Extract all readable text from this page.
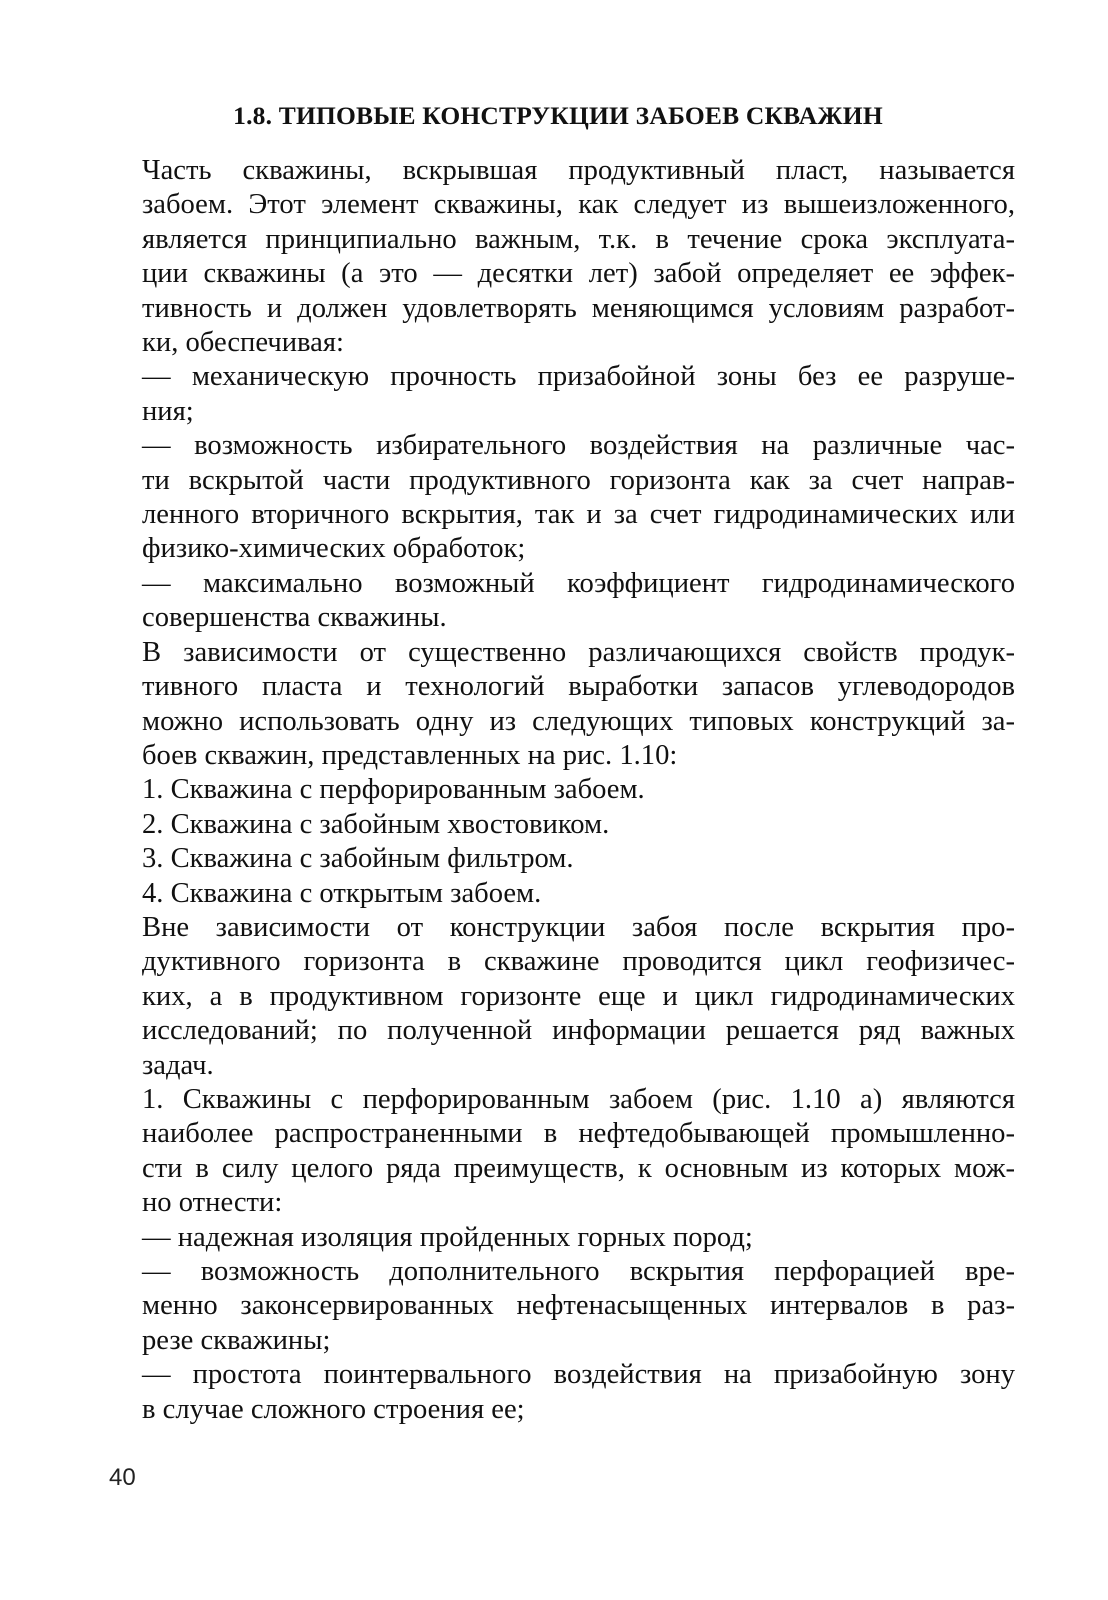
1.8. ТИПОВЫЕ КОНСТРУКЦИИ ЗАБОЕВ СКВАЖИН

Часть скважины, вскрывшая продуктивный пласт, называется
забоем. Этот элемент скважины, как следует из вышеизложенного,
является принципиально важным, т.к. в течение срока эксплуата-
ции скважины (а это — десятки лет) забой определяет ее эффек-
тивность и должен удовлетворять меняющимся условиям разработ-
ки, обеспечивая:

— механическую прочность призабойной зоны без ее разруше-
ния;

— возможность избирательного воздействия на различные час-
ти вскрытой части продуктивного горизонта как за счет направ-
ленного вторичного вскрытия, так и за счет гидродинамических или
физико-химических обработок;

— максимально возможный коэффициент гидродинамического
совершенства скважины.

В зависимости от существенно различающихся свойств продук-
тивного пласта и технологий выработки запасов углеводородов
можно использовать одну из следующих типовых конструкций за-
боев скважин, представленных на рис. 1.10:

1. Скважина с перфорированным забоем.

2. Скважина с забойным хвостовиком.

3. Скважина с забойным фильтром.

4. Скважина с открытым забоем.

Вне зависимости от конструкции забоя после вскрытия про-
дуктивного горизонта в скважине проводится цикл геофизичес-
ких, а в продуктивном горизонте еще и цикл гидродинамических
исследований; по полученной информации решается ряд важных
задач.

1. Скважины с перфорированным забоем (рис. 1.10 а) являются
наиболее распространенными в нефтедобывающей промышленно-
сти в силу целого ряда преимуществ, к основным из которых мож-
но отнести:

— надежная изоляция пройденных горных пород;

— возможность дополнительного вскрытия перфорацией вре-
менно законсервированных нефтенасыщенных интервалов в раз-
резе скважины;

— простота поинтервального воздействия на призабойную зону
в случае сложного строения ее;

40
